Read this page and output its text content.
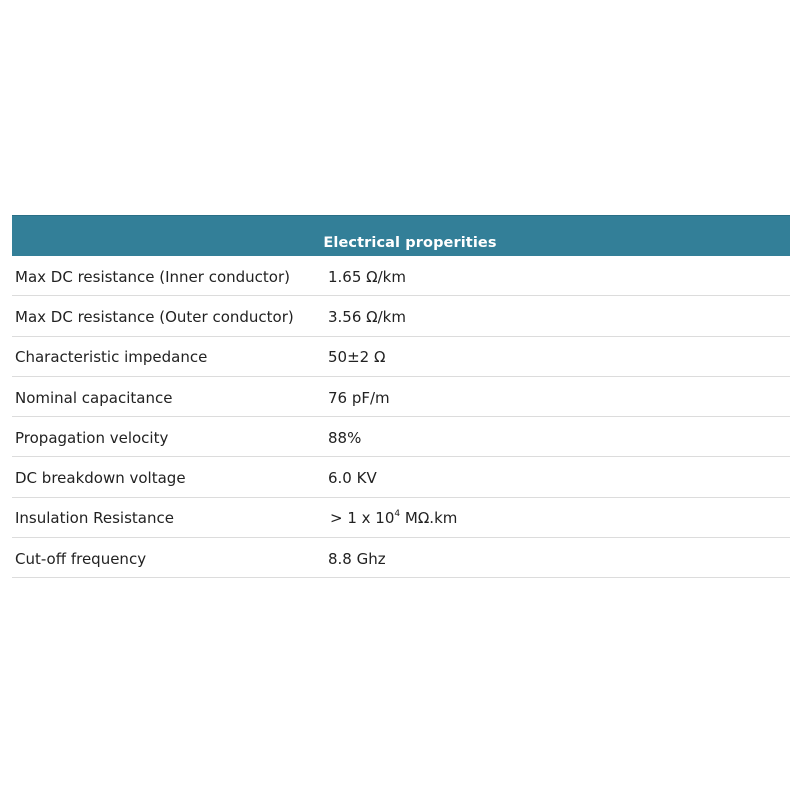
Electrical properities
Max DC resistance (Inner conductor)	1.65 Ω/km
Max DC resistance (Outer conductor)	3.56 Ω/km
Characteristic impedance	50±2 Ω
Nominal capacitance	76 pF/m
Propagation velocity	88%
DC breakdown voltage	6.0 KV
Insulation Resistance	> 1 x $10^4$ MΩ.km
Cut-off frequency	8.8 Ghz
